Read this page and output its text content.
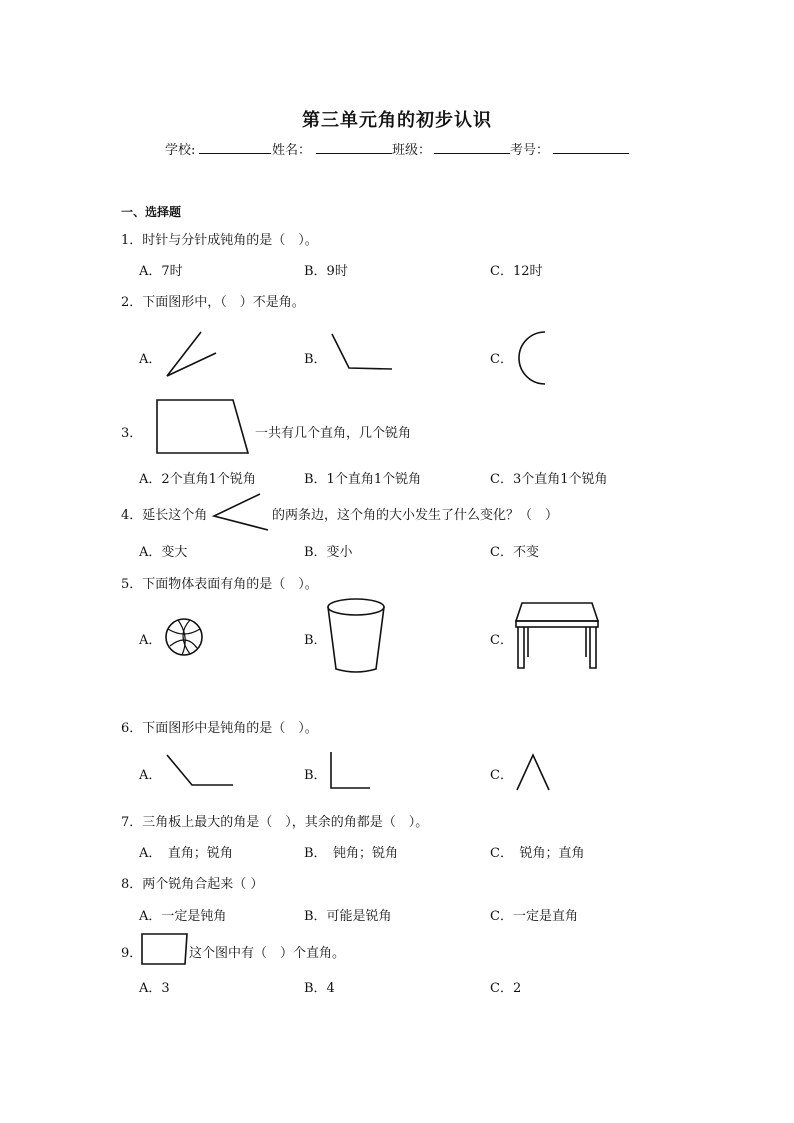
第三单元角的初步认识
学校:	姓名：	班级：	考号：
一、选择题
1．时针与分针成钝角的是（　）。
A．7时	B．9时	C．12时
2．下面图形中，（　）不是角。
A．	B．	C．
3．	一共有几个直角，几个锐角
A．2个直角1个锐角	B．1个直角1个锐角	C．3个直角1个锐角
4．延长这个角	的两条边，这个角的大小发生了什么变化？（　）
A．变大	B．变小	C．不变
5．下面物体表面有角的是（　）。
A．	B．	C．
6．下面图形中是钝角的是（　）。
A．	B．	C．
7．三角板上最大的角是（　），其余的角都是（　）。
A．　直角；锐角	B．　钝角；锐角	C．　锐角；直角
8．两个锐角合起来（ ）
A．一定是钝角	B．可能是锐角	C．一定是直角
9．	这个图中有（　）个直角。
A．3	B．4	C．2
